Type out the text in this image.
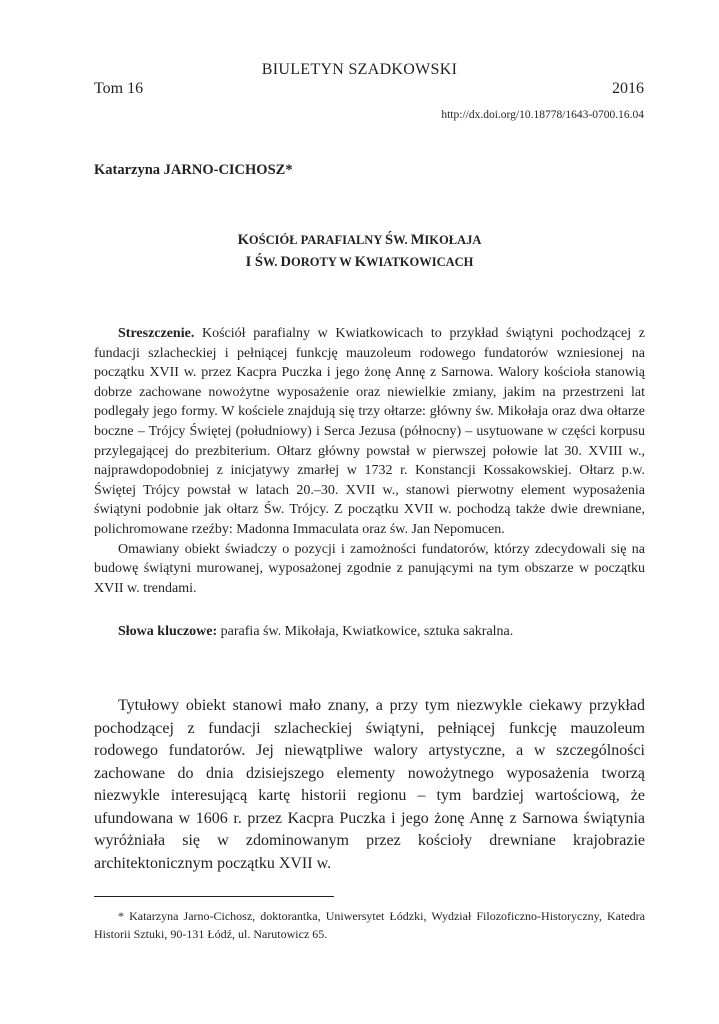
BIULETYN SZADKOWSKI
Tom 16	2016
http://dx.doi.org/10.18778/1643-0700.16.04
Katarzyna JARNO-CICHOSZ*
KOŚCIÓŁ PARAFIALNY ŚW. MIKOŁAJA
I ŚW. DOROTY W KWIATKOWICACH

Streszczenie. Kościół parafialny w Kwiatkowicach to przykład świątyni pochodzącej z fundacji szlacheckiej i pełniącej funkcję mauzoleum rodowego fundatorów wzniesionej na początku XVII w. przez Kacpra Puczka i jego żonę Annę z Sarnowa. Walory kościoła stanowią dobrze zachowane nowożytne wyposażenie oraz niewielkie zmiany, jakim na przestrzeni lat podlegały jego formy. W kościele znajdują się trzy ołtarze: główny św. Mikołaja oraz dwa ołtarze boczne – Trójcy Świętej (południowy) i Serca Jezusa (północny) – usytuowane w części korpusu przylegającej do prezbiterium. Ołtarz główny powstał w pierwszej połowie lat 30. XVIII w., najprawdopodobniej z inicjatywy zmarłej w 1732 r. Konstancji Kossakowskiej. Ołtarz p.w. Świętej Trójcy powstał w latach 20.–30. XVII w., stanowi pierwotny element wyposażenia świątyni podobnie jak ołtarz Św. Trójcy. Z początku XVII w. pochodzą także dwie drewniane, polichromowane rzeźby: Madonna Immaculata oraz św. Jan Nepomucen.

Omawiany obiekt świadczy o pozycji i zamożności fundatorów, którzy zdecydowali się na budowę świątyni murowanej, wyposażonej zgodnie z panującymi na tym obszarze w początku XVII w. trendami.

Słowa kluczowe: parafia św. Mikołaja, Kwiatkowice, sztuka sakralna.

Tytułowy obiekt stanowi mało znany, a przy tym niezwykle ciekawy przykład pochodzącej z fundacji szlacheckiej świątyni, pełniącej funkcję mauzoleum rodowego fundatorów. Jej niewątpliwe walory artystyczne, a w szczególności zachowane do dnia dzisiejszego elementy nowożytnego wyposażenia tworzą niezwykle interesującą kartę historii regionu – tym bardziej wartościową, że ufundowana w 1606 r. przez Kacpra Puczka i jego żonę Annę z Sarnowa świątynia wyróżniała się w zdominowanym przez kościoły drewniane krajobrazie architektonicznym początku XVII w.

* Katarzyna Jarno-Cichosz, doktorantka, Uniwersytet Łódzki, Wydział Filozoficzno-Historyczny, Katedra Historii Sztuki, 90-131 Łódź, ul. Narutowicz 65.
